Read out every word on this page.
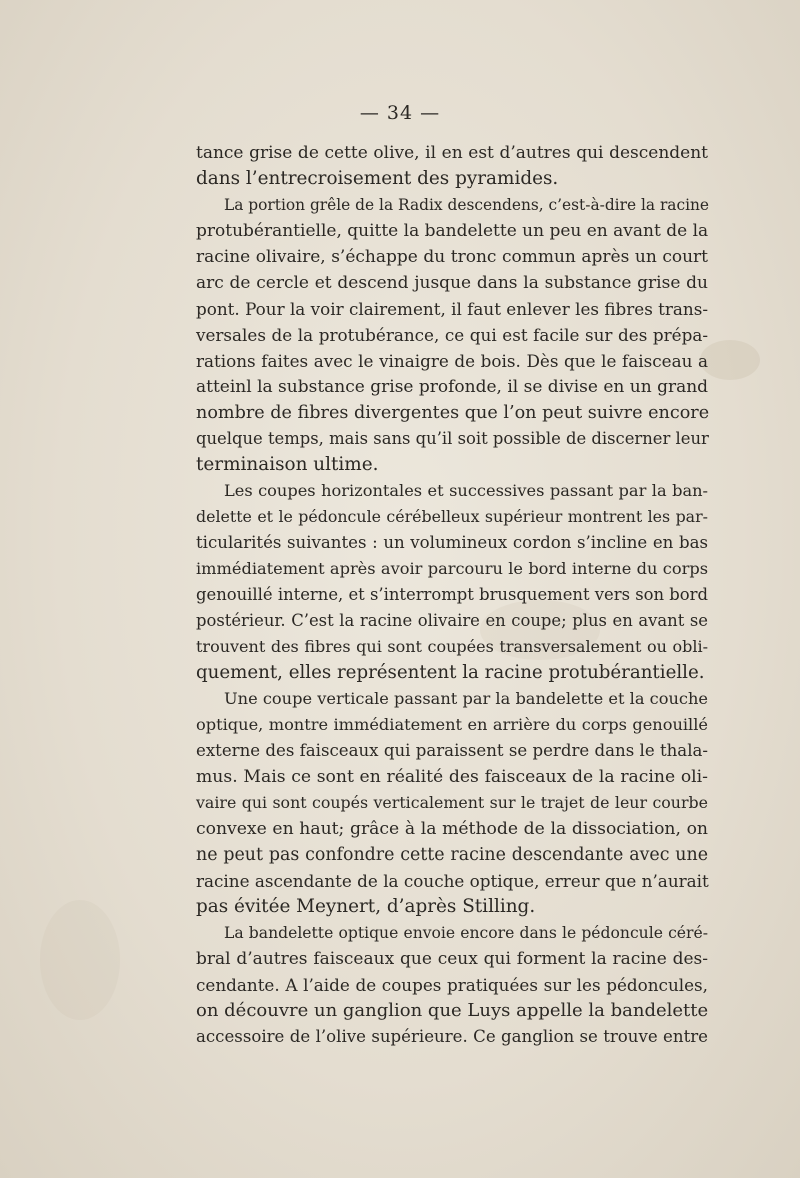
— 34 —
tance grise de cette olive, il en est d’autres qui descendent
dans l’entrecroisement des pyramides.
La portion grêle de la Radix descendens, c’est-à-dire la racine
protubérantielle, quitte la bandelette un peu en avant de la
racine olivaire, s’échappe du tronc commun après un court
arc de cercle et descend jusque dans la substance grise du
pont. Pour la voir clairement, il faut enlever les fibres trans-
versales de la protubérance, ce qui est facile sur des prépa-
rations faites avec le vinaigre de bois. Dès que le faisceau a
atteinl la substance grise profonde, il se divise en un grand
nombre de fibres divergentes que l’on peut suivre encore
quelque temps, mais sans qu’il soit possible de discerner leur
terminaison ultime.
Les coupes horizontales et successives passant par la ban-
delette et le pédoncule cérébelleux supérieur montrent les par-
ticularités suivantes : un volumineux cordon s’incline en bas
immédiatement après avoir parcouru le bord interne du corps
genouillé interne, et s’interrompt brusquement vers son bord
postérieur. C’est la racine olivaire en coupe; plus en avant se
trouvent des fibres qui sont coupées transversalement ou obli-
quement, elles représentent la racine protubérantielle.
Une coupe verticale passant par la bandelette et la couche
optique, montre immédiatement en arrière du corps genouillé
externe des faisceaux qui paraissent se perdre dans le thala-
mus. Mais ce sont en réalité des faisceaux de la racine oli-
vaire qui sont coupés verticalement sur le trajet de leur courbe
convexe en haut; grâce à la méthode de la dissociation, on
ne peut pas confondre cette racine descendante avec une
racine ascendante de la couche optique, erreur que n’aurait
pas évitée Meynert, d’après Stilling.
La bandelette optique envoie encore dans le pédoncule céré-
bral d’autres faisceaux que ceux qui forment la racine des-
cendante. A l’aide de coupes pratiquées sur les pédoncules,
on découvre un ganglion que Luys appelle la bandelette
accessoire de l’olive supérieure. Ce ganglion se trouve entre
